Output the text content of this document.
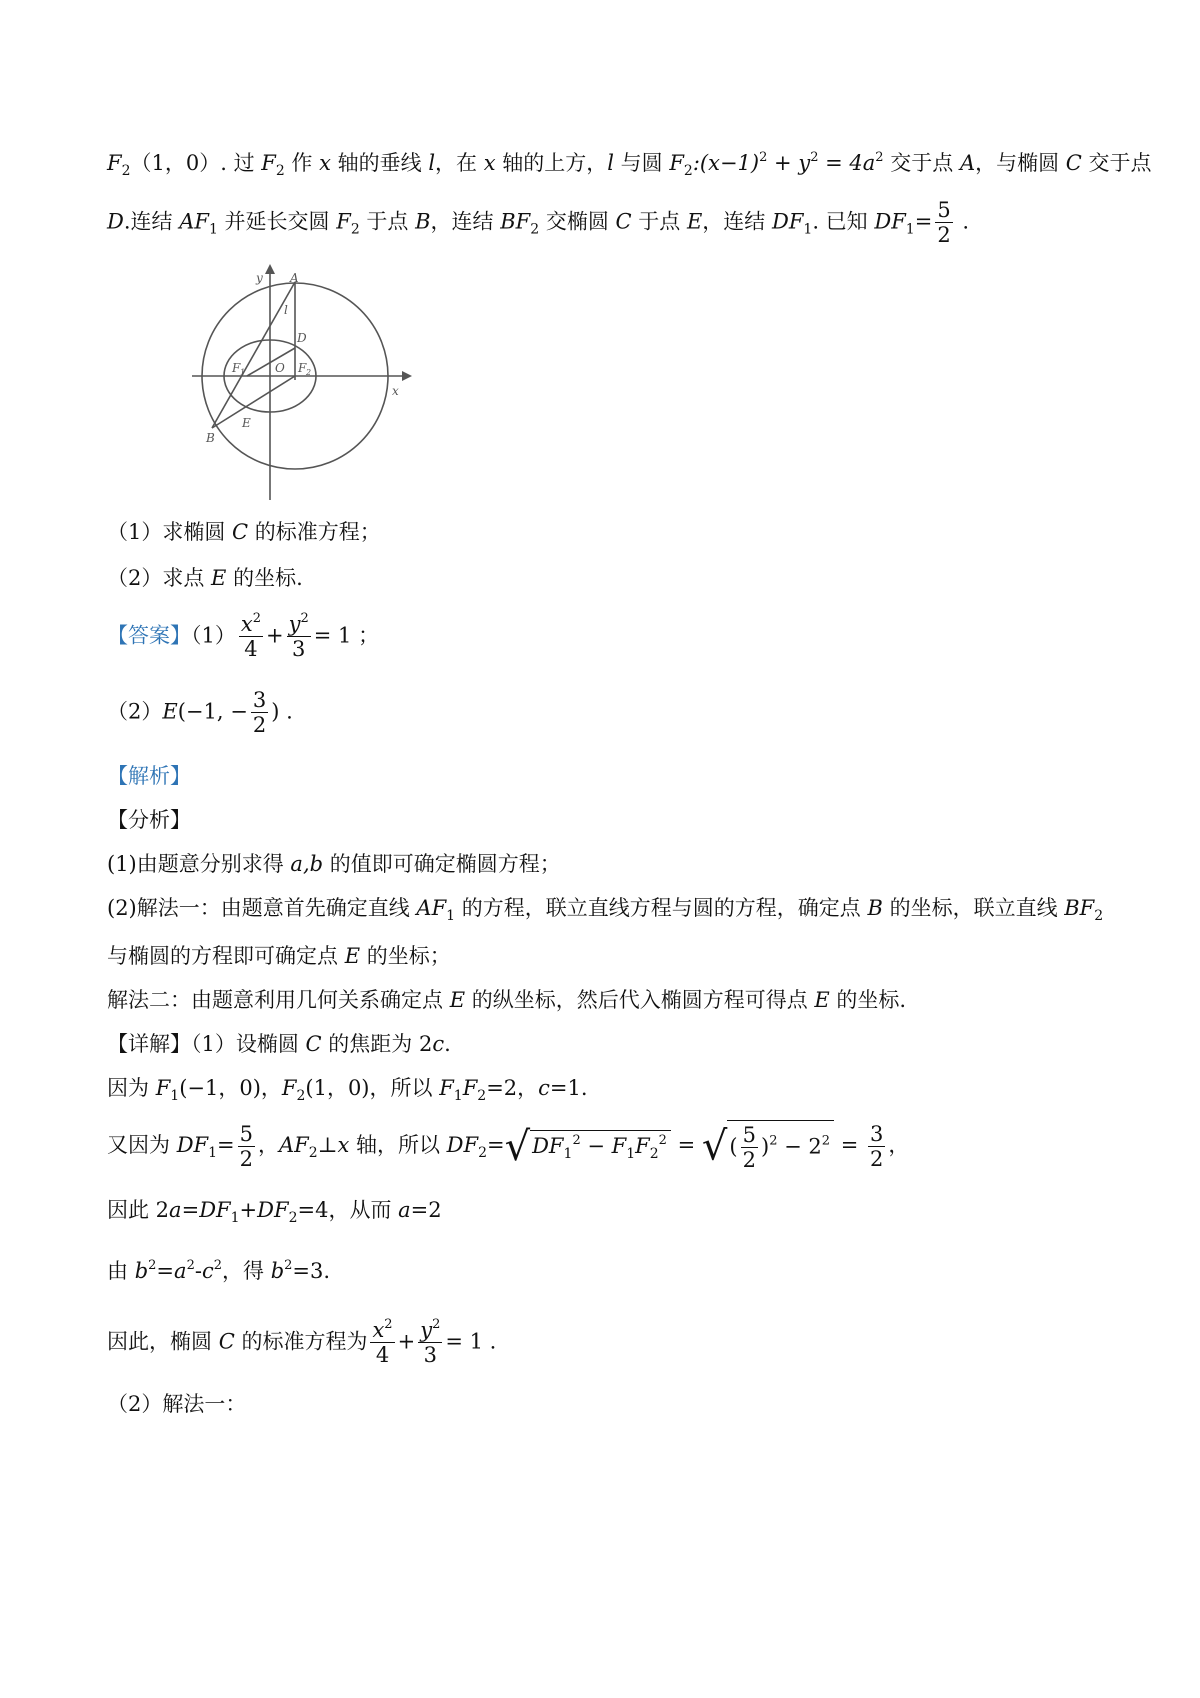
$F_2(1$，0）. 过 $F_2$ 作 x 轴的垂线 l，在 x 轴的上方，l 与圆 $F_2:(x-1)^2 + y^2 = 4a^2$ 交于点 A，与椭圆 C 交于点
D.连结 $AF_1$ 并延长交圆 $F_2$ 于点 B，连结 $BF_2$ 交椭圆 C 于点 E，连结 $DF_1$. 已知 $DF_1= \frac{5}{2}$ .
y A
l
D
F 1 O F 2
x
E
B
（1）求椭圆 C 的标准方程；
（2）求点 E 的坐标.
【答案】$(1) \frac{x^2}{4} + \frac{y^2}{3} = 1$ ；
（2）E(−1, − $\frac{3}{2}$ ) .
【解析】
【分析】
(1)由题意分别求得 a,b 的值即可确定椭圆方程；
(2)解法一：由题意首先确定直线 $AF_1$ 的方程，联立直线方程与圆的方程，确定点 B 的坐标，联立直线 $BF_2$
与椭圆的方程即可确定点 E 的坐标；
解法二：由题意利用几何关系确定点 E 的纵坐标，然后代入椭圆方程可得点 E 的坐标.
【详解】（1）设椭圆 C 的焦距为 2c.
因为 $F_1(-1$，0)，$F_2(1$，0)，所以 $F_1F_2=2$，c=1.
又因为 $DF_1= \frac{5}{2}$ ，$AF_2\perp x$ 轴，所以 $DF_2=√DF_1^2 - F_1F_2^2$ = √( $\frac{5}{2} )^2 - 2^2 = \frac{3}{2}$ ，
因此 $2a=DF_1+DF_2=4$，从而 a=2
由 $b^2=a^2-c^2$，得 $b^2=3$.
因此，椭圆 C 的标准方程为 $\frac{x^2}{4} + \frac{y^2}{3} = 1$ .
（2）解法一：
